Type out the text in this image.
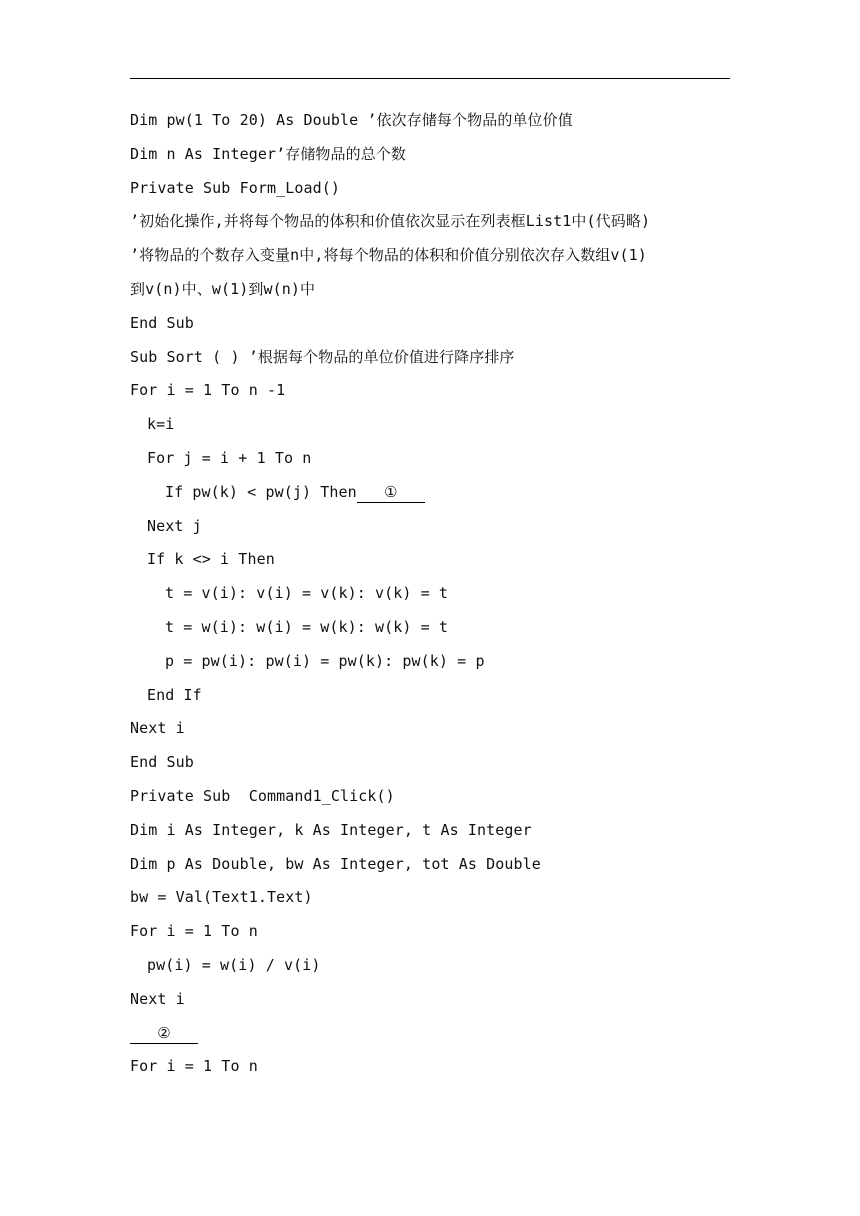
Dim pw(1 To 20) As Double ’依次存储每个物品的单位价值
Dim n As Integer’存储物品的总个数
Private Sub Form_Load()
’初始化操作,并将每个物品的体积和价值依次显示在列表框List1中(代码略)
’将物品的个数存入变量n中,将每个物品的体积和价值分别依次存入数组v(1)
到v(n)中、w(1)到w(n)中
End Sub
Sub Sort ( ) ’根据每个物品的单位价值进行降序排序
For i = 1 To n -1
k=i
For j = i + 1 To n
If pw(k) < pw(j) Then ①
Next j
If k <> i Then
t = v(i): v(i) = v(k): v(k) = t
t = w(i): w(i) = w(k): w(k) = t
p = pw(i): pw(i) = pw(k): pw(k) = p
End If
Next i
End Sub
Private Sub  Command1_Click()
Dim i As Integer, k As Integer, t As Integer
Dim p As Double, bw As Integer, tot As Double
bw = Val(Text1.Text)
For i = 1 To n
pw(i) = w(i) / v(i)
Next i
②
For i = 1 To n
